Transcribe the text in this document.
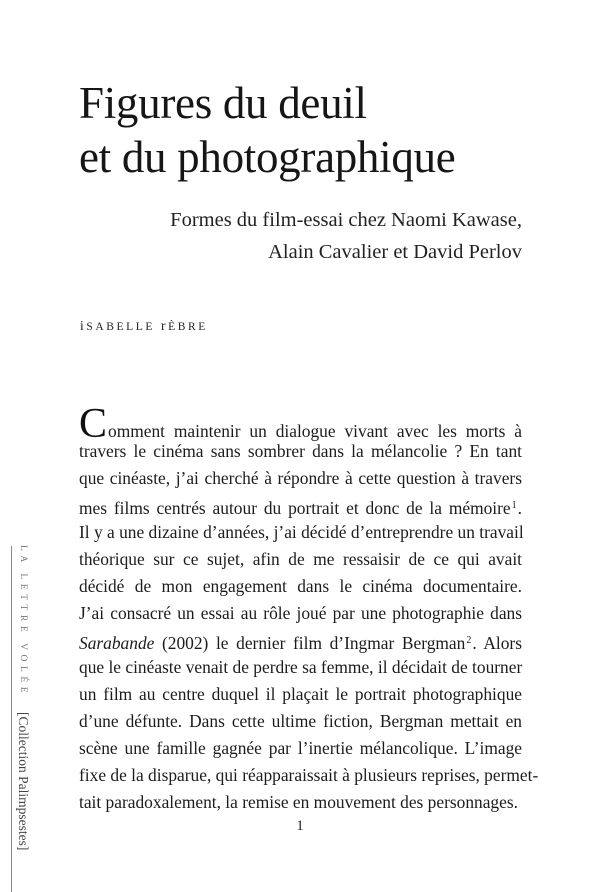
Figures du deuil
et du photographique
Formes du film-essai chez Naomi Kawase,
Alain Cavalier et David Perlov
iSABELLE rÈBRE
Comment maintenir un dialogue vivant avec les morts à
travers le cinéma sans sombrer dans la mélancolie ? En tant
que cinéaste, j’ai cherché à répondre à cette question à travers
mes films centrés autour du portrait et donc de la mémoire$^1$.
Il y a une dizaine d’années, j’ai décidé d’entreprendre un travail
théorique sur ce sujet, afin de me ressaisir de ce qui avait
décidé de mon engagement dans le cinéma documentaire.
J’ai consacré un essai au rôle joué par une photographie dans
Sarabande (2002) le dernier film d’Ingmar Bergman$^2$. Alors
que le cinéaste venait de perdre sa femme, il décidait de tourner
un film au centre duquel il plaçait le portrait photographique
d’une défunte. Dans cette ultime fiction, Bergman mettait en
scène une famille gagnée par l’inertie mélancolique. L’image
fixe de la disparue, qui réapparaissait à plusieurs reprises, permet-
tait paradoxalement, la remise en mouvement des personnages.
1
LA LETTRE VOLÉE [Collection Palimpsestes]
